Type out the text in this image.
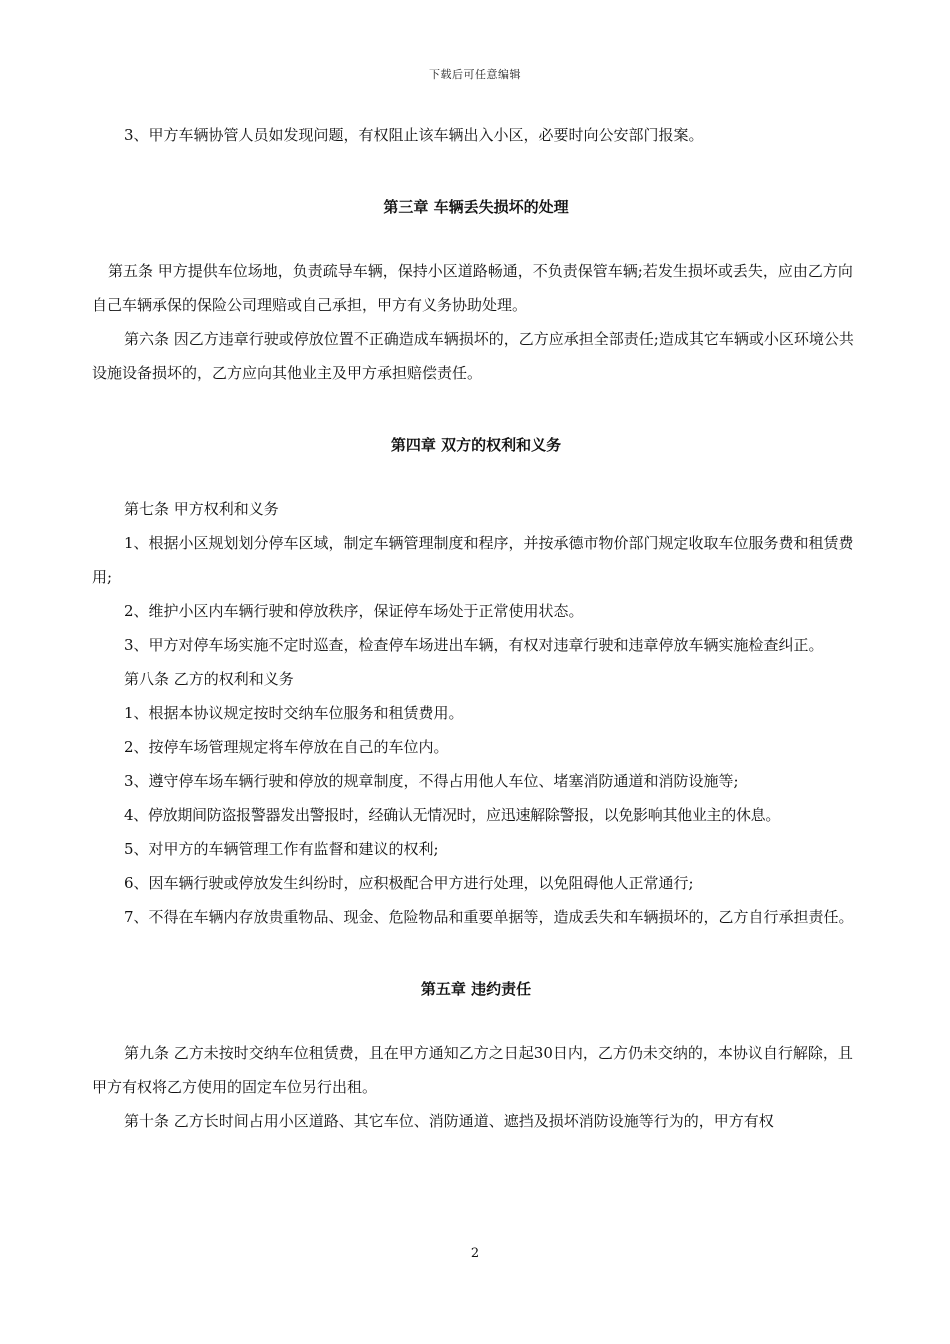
下载后可任意编辑

3、甲方车辆协管人员如发现问题，有权阻止该车辆出入小区，必要时向公安部门报案。

第三章 车辆丢失损坏的处理

第五条 甲方提供车位场地，负责疏导车辆，保持小区道路畅通，不负责保管车辆;若发生损坏或丢失，应由乙方向自己车辆承保的保险公司理赔或自己承担，甲方有义务协助处理。

第六条 因乙方违章行驶或停放位置不正确造成车辆损坏的，乙方应承担全部责任;造成其它车辆或小区环境公共设施设备损坏的，乙方应向其他业主及甲方承担赔偿责任。

第四章 双方的权利和义务

第七条 甲方权利和义务

1、根据小区规划划分停车区域，制定车辆管理制度和程序，并按承德市物价部门规定收取车位服务费和租赁费用;

2、维护小区内车辆行驶和停放秩序，保证停车场处于正常使用状态。

3、甲方对停车场实施不定时巡查，检查停车场进出车辆，有权对违章行驶和违章停放车辆实施检查纠正。

第八条 乙方的权利和义务

1、根据本协议规定按时交纳车位服务和租赁费用。

2、按停车场管理规定将车停放在自己的车位内。

3、遵守停车场车辆行驶和停放的规章制度，不得占用他人车位、堵塞消防通道和消防设施等;

4、停放期间防盗报警器发出警报时，经确认无情况时，应迅速解除警报，以免影响其他业主的休息。

5、对甲方的车辆管理工作有监督和建议的权利;

6、因车辆行驶或停放发生纠纷时，应积极配合甲方进行处理，以免阻碍他人正常通行;

7、不得在车辆内存放贵重物品、现金、危险物品和重要单据等，造成丢失和车辆损坏的，乙方自行承担责任。

第五章 违约责任

第九条 乙方未按时交纳车位租赁费，且在甲方通知乙方之日起30日内，乙方仍未交纳的，本协议自行解除，且甲方有权将乙方使用的固定车位另行出租。

第十条 乙方长时间占用小区道路、其它车位、消防通道、遮挡及损坏消防设施等行为的，甲方有权

2
